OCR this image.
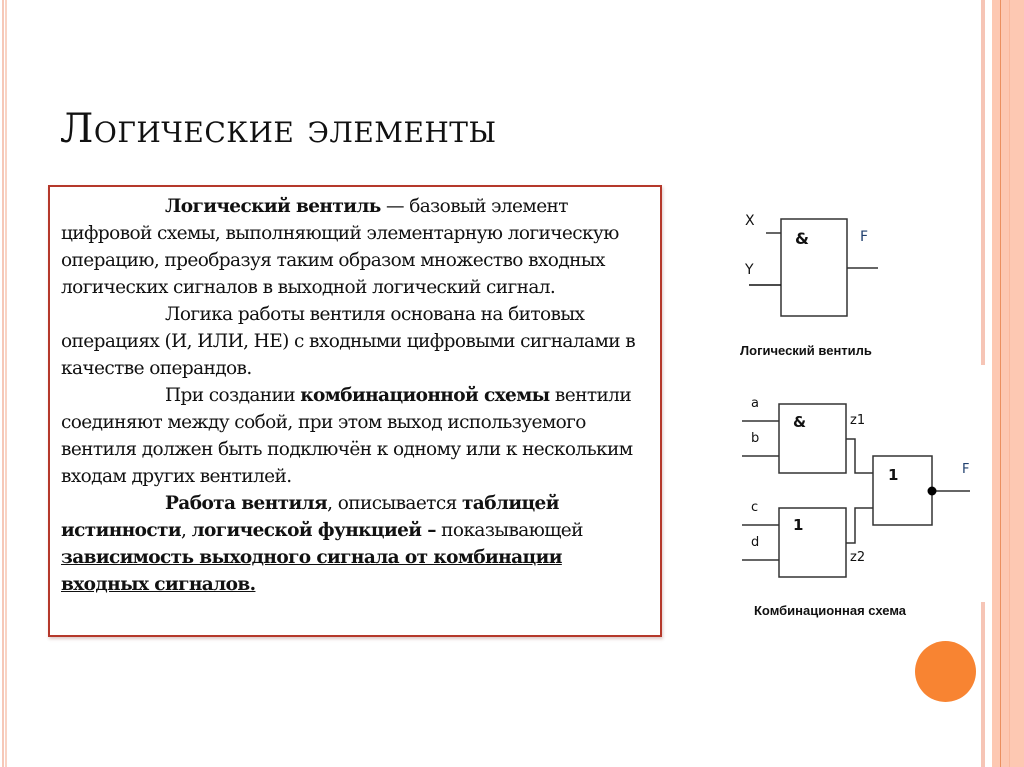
Логические элементы

Логический вентиль — базовый элемент цифровой схемы, выполняющий элементарную логическую операцию, преобразуя таким образом множество входных логических сигналов в выходной логический сигнал.

Логика работы вентиля основана на битовых операциях (И, ИЛИ, НЕ) с входными цифровыми сигналами в качестве операндов.

При создании комбинационной схемы вентили соединяют между собой, при этом выход используемого вентиля должен быть подключён к одному или к нескольким входам других вентилей.

Работа вентиля, описывается таблицей истинности, логической функцией – показывающей зависимость выходного сигнала от комбинации входных сигналов.

X
Y
&	F
Логический вентиль
a
b
&	z1
c
d
1
z2
1	F
Комбинационная схема
